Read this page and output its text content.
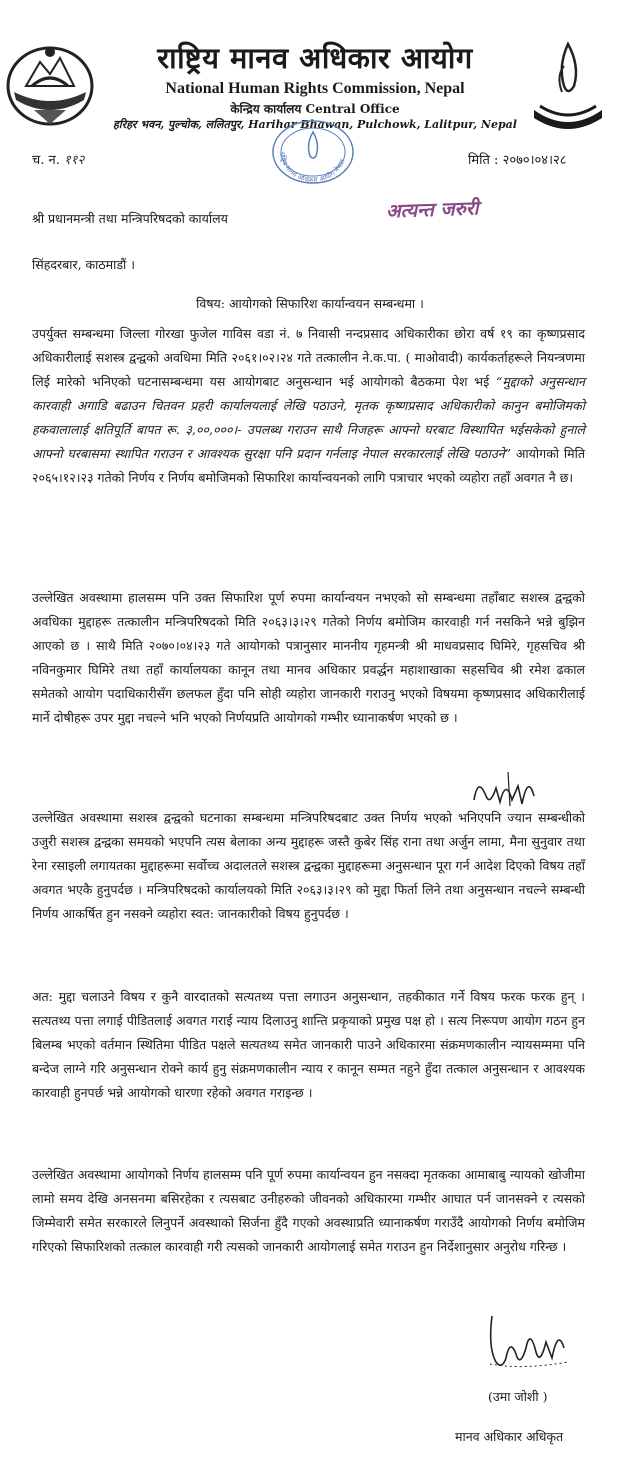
राष्ट्रिय मानव अधिकार आयोग
National Human Rights Commission, Nepal
केन्द्रिय कार्यालय Central Office
हरिहर भवन, पुल्चोक, ललितपुर, Harihar Bhawan, Pulchowk, Lalitpur, Nepal
राष्ट्रिय मानव अधिकार आयोग नेपाल
च. न. ११२	मिति : २०७०।०४।२८
अत्यन्त जरुरी
श्री प्रधानमन्त्री तथा मन्त्रिपरिषदको कार्यालय
सिंहदरबार, काठमाडौं ।
विषय: आयोगको सिफारिश कार्यान्वयन सम्बन्धमा ।

उपर्युक्त सम्बन्धमा जिल्ला गोरखा फुजेल गाविस वडा नं. ७ निवासी नन्दप्रसाद अधिकारीका छोरा वर्ष १९ का कृष्णप्रसाद अधिकारीलाई सशस्त्र द्वन्द्वको अवधिमा मिति २०६१।०२।२४ गते तत्कालीन ने.क.पा. ( माओवादी) कार्यकर्ताहरूले नियन्त्रणमा लिई मारेको भनिएको घटनासम्बन्धमा यस आयोगबाट अनुसन्धान भई आयोगको बैठकमा पेश भई “मुद्दाको अनुसन्धान कारवाही अगाडि बढाउन चितवन प्रहरी कार्यालयलाई लेखि पठाउने, मृतक कृष्णप्रसाद अधिकारीको कानुन बमोजिमको हकवालालाई क्षतिपूर्ति बापत रू. ३,००,०००।- उपलब्ध गराउन साथै निजहरू आफ्नो घरबाट विस्थापित भईसकेको हुनाले आफ्नो घरबासमा स्थापित गराउन र आवश्यक सुरक्षा पनि प्रदान गर्नलाइ नेपाल सरकारलाई लेखि पठाउने” आयोगको मिति २०६५।१२।२३ गतेको निर्णय र निर्णय बमोजिमको सिफारिश कार्यान्वयनको लागि पत्राचार भएको व्यहोरा तहाँ अवगत नै छ।

उल्लेखित अवस्थामा हालसम्म पनि उक्त सिफारिश पूर्ण रुपमा कार्यान्वयन नभएको सो सम्बन्धमा तहाँबाट सशस्त्र द्वन्द्वको अवधिका मुद्दाहरू तत्कालीन मन्त्रिपरिषदको मिति २०६३।३।२९ गतेको निर्णय बमोजिम कारवाही गर्न नसकिने भन्ने बुझिन आएको छ । साथै मिति २०७०।०४।२३ गते आयोगको पत्रानुसार माननीय गृहमन्त्री श्री माधवप्रसाद घिमिरे, गृहसचिव श्री नविनकुमार घिमिरे तथा तहाँ कार्यालयका कानून तथा मानव अधिकार प्रवर्द्धन महाशाखाका सहसचिव श्री रमेश ढकाल समेतको आयोग पदाधिकारीसँग छलफल हुँदा पनि सोही व्यहोरा जानकारी गराउनु भएको विषयमा कृष्णप्रसाद अधिकारीलाई मार्ने दोषीहरू उपर मुद्दा नचल्ने भनि भएको निर्णयप्रति आयोगको गम्भीर ध्यानाकर्षण भएको छ ।

उल्लेखित अवस्थामा सशस्त्र द्वन्द्वको घटनाका सम्बन्धमा मन्त्रिपरिषदबाट उक्त निर्णय भएको भनिएपनि ज्यान सम्बन्धीको उजुरी सशस्त्र द्वन्द्वका समयको भएपनि त्यस बेलाका अन्य मुद्दाहरू जस्तै कुबेर सिंह राना तथा अर्जुन लामा, मैना सुनुवार तथा रेना रसाइली लगायतका मुद्दाहरूमा सर्वोच्च अदालतले सशस्त्र द्वन्द्वका मुद्दाहरूमा अनुसन्धान पूरा गर्न आदेश दिएको विषय तहाँ अवगत भएकै हुनुपर्दछ । मन्त्रिपरिषदको कार्यालयको मिति २०६३।३।२९ को मुद्दा फिर्ता लिने तथा अनुसन्धान नचल्ने सम्बन्धी निर्णय आकर्षित हुन नसक्ने व्यहोरा स्वत: जानकारीको विषय हुनुपर्दछ ।

अत: मुद्दा चलाउने विषय र कुनै वारदातको सत्यतथ्य पत्ता लगाउन अनुसन्धान, तहकीकात गर्ने विषय फरक फरक हुन् । सत्यतथ्य पत्ता लगाई पीडितलाई अवगत गराई न्याय दिलाउनु शान्ति प्रकृयाको प्रमुख पक्ष हो । सत्य निरूपण आयोग गठन हुन बिलम्ब भएको वर्तमान स्थितिमा पीडित पक्षले सत्यतथ्य समेत जानकारी पाउने अधिकारमा संक्रमणकालीन न्यायसम्ममा पनि बन्देज लाग्ने गरि अनुसन्धान रोक्ने कार्य हुनु संक्रमणकालीन न्याय र कानून सम्मत नहुने हुँदा तत्काल अनुसन्धान र आवश्यक कारवाही हुनपर्छ भन्ने आयोगको धारणा रहेको अवगत गराइन्छ ।

उल्लेखित अवस्थामा आयोगको निर्णय हालसम्म पनि पूर्ण रुपमा कार्यान्वयन हुन नसक्दा मृतकका आमाबाबु न्यायको खोजीमा लामो समय देखि अनसनमा बसिरहेका र त्यसबाट उनीहरुको जीवनको अधिकारमा गम्भीर आघात पर्न जानसक्ने र त्यसको जिम्मेवारी समेत सरकारले लिनुपर्ने अवस्थाको सिर्जना हुँदै गएको अवस्थाप्रति ध्यानाकर्षण गराउँदै आयोगको निर्णय बमोजिम गरिएको सिफारिशको तत्काल कारवाही गरी त्यसको जानकारी आयोगलाई समेत गराउन हुन निर्देशानुसार अनुरोध गरिन्छ ।

(उमा जोशी )
मानव अधिकार अधिकृत
